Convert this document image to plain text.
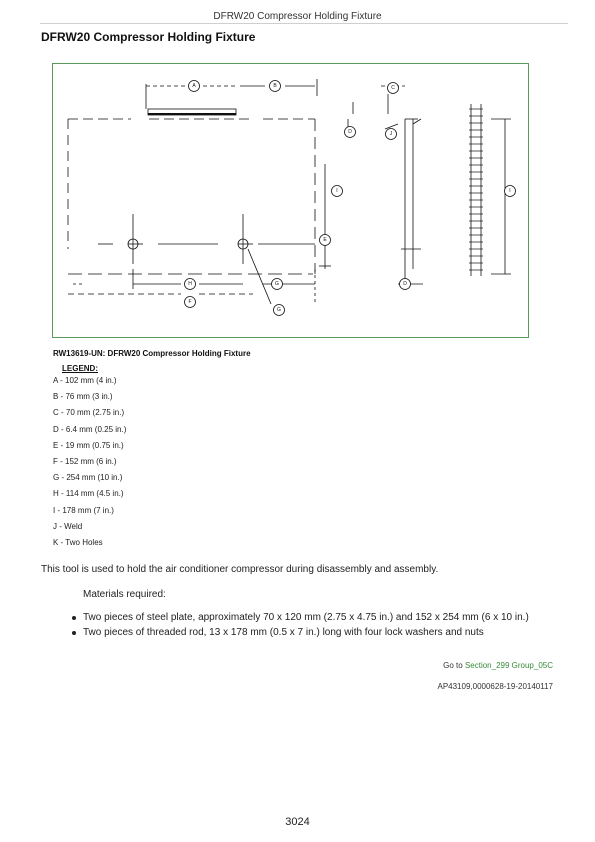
DFRW20 Compressor Holding Fixture
DFRW20 Compressor Holding Fixture
A	B	C
D	J
I
E
H	G	D
F
G
I
RW13619-UN: DFRW20 Compressor Holding Fixture
LEGEND:
A - 102 mm (4 in.)
B - 76 mm (3 in.)
C - 70 mm (2.75 in.)
D - 6.4 mm (0.25 in.)
E - 19 mm (0.75 in.)
F - 152 mm (6 in.)
G - 254 mm (10 in.)
H - 114 mm (4.5 in.)
I - 178 mm (7 in.)
J - Weld
K - Two Holes
This tool is used to hold the air conditioner compressor during disassembly and assembly.
Materials required:
Two pieces of steel plate, approximately 70 x 120 mm (2.75 x 4.75 in.) and 152 x 254 mm (6 x 10 in.)
Two pieces of threaded rod, 13 x 178 mm (0.5 x 7 in.) long with four lock washers and nuts
Go to Section_299 Group_05C
AP43109,0000628-19-20140117
3024
